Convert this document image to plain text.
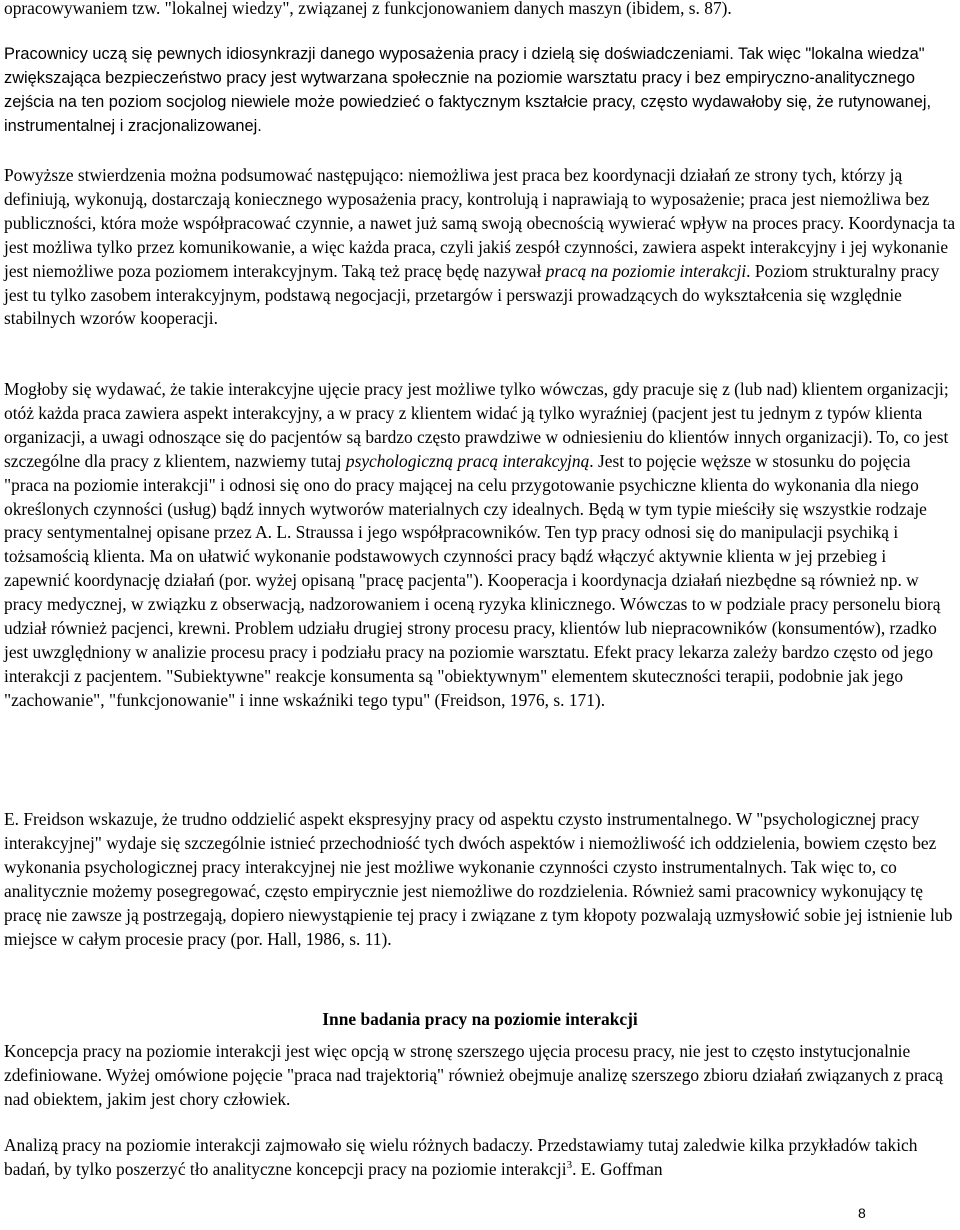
opracowywaniem tzw. "lokalnej wiedzy", związanej z funkcjonowaniem danych maszyn (ibidem, s. 87).

Pracownicy uczą się pewnych idiosynkrazji danego wyposażenia pracy i dzielą się doświadczeniami. Tak więc "lokalna wiedza" zwiększająca bezpieczeństwo pracy jest wytwarzana społecznie na poziomie warsztatu pracy i bez empiryczno-analitycznego zejścia na ten poziom socjolog niewiele może powiedzieć o faktycznym kształcie pracy, często wydawałoby się, że rutynowanej, instrumentalnej i zracjonalizowanej.

Powyższe stwierdzenia można podsumować następująco: niemożliwa jest praca bez koordynacji działań ze strony tych, którzy ją definiują, wykonują, dostarczają koniecznego wyposażenia pracy, kontrolują i naprawiają to wyposażenie; praca jest niemożliwa bez publiczności, która może współpracować czynnie, a nawet już samą swoją obecnością wywierać wpływ na proces pracy. Koordynacja ta jest możliwa tylko przez komunikowanie, a więc każda praca, czyli jakiś zespół czynności, zawiera aspekt interakcyjny i jej wykonanie jest niemożliwe poza poziomem interakcyjnym. Taką też pracę będę nazywał pracą na poziomie interakcji. Poziom strukturalny pracy jest tu tylko zasobem interakcyjnym, podstawą negocjacji, przetargów i perswazji prowadzących do wykształcenia się względnie stabilnych wzorów kooperacji.

Mogłoby się wydawać, że takie interakcyjne ujęcie pracy jest możliwe tylko wówczas, gdy pracuje się z (lub nad) klientem organizacji; otóż każda praca zawiera aspekt interakcyjny, a w pracy z klientem widać ją tylko wyraźniej (pacjent jest tu jednym z typów klienta organizacji, a uwagi odnoszące się do pacjentów są bardzo często prawdziwe w odniesieniu do klientów innych organizacji). To, co jest szczególne dla pracy z klientem, nazwiemy tutaj psychologiczną pracą interakcyjną. Jest to pojęcie węższe w stosunku do pojęcia "praca na poziomie interakcji" i odnosi się ono do pracy mającej na celu przygotowanie psychiczne klienta do wykonania dla niego określonych czynności (usług) bądź innych wytworów materialnych czy idealnych. Będą w tym typie mieściły się wszystkie rodzaje pracy sentymentalnej opisane przez A. L. Straussa i jego współpracowników. Ten typ pracy odnosi się do manipulacji psychiką i tożsamością klienta. Ma on ułatwić wykonanie podstawowych czynności pracy bądź włączyć aktywnie klienta w jej przebieg i zapewnić koordynację działań (por. wyżej opisaną "pracę pacjenta"). Kooperacja i koordynacja działań niezbędne są również np. w pracy medycznej, w związku z obserwacją, nadzorowaniem i oceną ryzyka klinicznego. Wówczas to w podziale pracy personelu biorą udział również pacjenci, krewni. Problem udziału drugiej strony procesu pracy, klientów lub niepracowników (konsumentów), rzadko jest uwzględniony w analizie procesu pracy i podziału pracy na poziomie warsztatu. Efekt pracy lekarza zależy bardzo często od jego interakcji z pacjentem. "Subiektywne" reakcje konsumenta są "obiektywnym" elementem skuteczności terapii, podobnie jak jego "zachowanie", "funkcjonowanie" i inne wskaźniki tego typu" (Freidson, 1976, s. 171).

E. Freidson wskazuje, że trudno oddzielić aspekt ekspresyjny pracy od aspektu czysto instrumentalnego. W "psychologicznej pracy interakcyjnej" wydaje się szczególnie istnieć przechodniość tych dwóch aspektów i niemożliwość ich oddzielenia, bowiem często bez wykonania psychologicznej pracy interakcyjnej nie jest możliwe wykonanie czynności czysto instrumentalnych. Tak więc to, co analitycznie możemy posegregować, często empirycznie jest niemożliwe do rozdzielenia. Również sami pracownicy wykonujący tę pracę nie zawsze ją postrzegają, dopiero niewystąpienie tej pracy i związane z tym kłopoty pozwalają uzmysłowić sobie jej istnienie lub miejsce w całym procesie pracy (por. Hall, 1986, s. 11).

Inne badania pracy na poziomie interakcji

Koncepcja pracy na poziomie interakcji jest więc opcją w stronę szerszego ujęcia procesu pracy, nie jest to często instytucjonalnie zdefiniowane. Wyżej omówione pojęcie "praca nad trajektorią" również obejmuje analizę szerszego zbioru działań związanych z pracą nad obiektem, jakim jest chory człowiek.

Analizą pracy na poziomie interakcji zajmowało się wielu różnych badaczy. Przedstawiamy tutaj zaledwie kilka przykładów takich badań, by tylko poszerzyć tło analityczne koncepcji pracy na poziomie interakcji$^3$. E. Goffman

8
